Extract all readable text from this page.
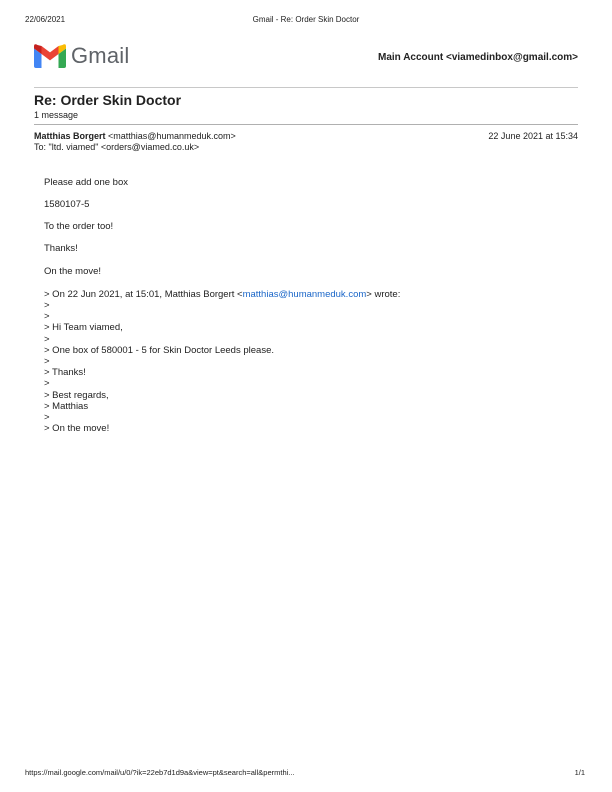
22/06/2021	Gmail - Re: Order Skin Doctor
Gmail	Main Account <viamedinbox@gmail.com>
Re: Order Skin Doctor
1 message
Matthias Borgert <matthias@humanmeduk.com>	22 June 2021 at 15:34
To: "ltd. viamed" <orders@viamed.co.uk>
Please add one box
1580107-5
To the order too!
Thanks!
On the move!
> On 22 Jun 2021, at 15:01, Matthias Borgert <matthias@humanmeduk.com> wrote:
>
>
> Hi Team viamed,
>
> One box of 580001 - 5 for Skin Doctor Leeds please.
>
> Thanks!
>
> Best regards,
> Matthias
>
> On the move!
https://mail.google.com/mail/u/0/?ik=22eb7d1d9a&view=pt&search=all&permthi...	1/1
